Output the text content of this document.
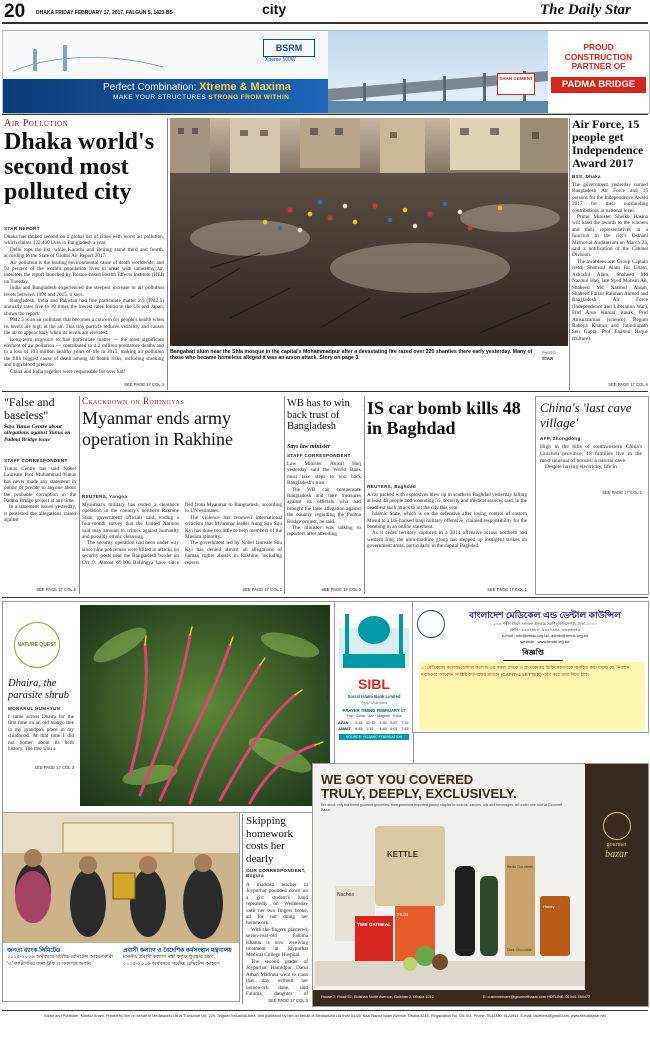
20 DHAKA FRIDAY FEBRUARY 17, 2017, FALGUN 5, 1423 BS	city	The Daily Star
BSRM
Xtreme 500W
Perfect Combination: Xtreme & Maxima
MAKE YOUR STRUCTURES STRONG FROM WITHIN
SHAH CEMENT
PROUD
CONSTRUCTION
PARTNER OF
PADMA BRIDGE
Air Pollution
Dhaka world's second most polluted city
STAR REPORT

Dhaka has ranked second on a global list of cities with worst air pollution, which claims 122,400 lives in Bangladesh a year.

Delhi tops the list, while Karachi and Beijing stand third and fourth, according to the State of Global Air Report 2017.

Air pollution is the leading environmental cause of death worldwide, and 92 percent of the world's population lives in areas with unhealthy air, monitors the report launched by Boston-based Health Effects Institute (HEI) on Tuesday.

India and Bangladesh experienced the steepest increase in air pollution levels between 1990 and 2015, it says.

Bangladesh, India and Pakistan had fine particulate matter 2.5 (PM2.5) annually rates five to 10 times the lowest rates found in the US and Japan, shows the report.

PM2.5 is an air pollutant that becomes a concern for people's health when its levels are high in the air. This tiny particle reduces visibility and causes the air to appear hazy when its levels are elevated.

Long-term exposure to fine particulate matter — the most significant element of air pollution — contributed to 4.2 million premature deaths and to a loss of 103 million healthy years of life in 2015, making air pollution the fifth biggest cause of death among all health risks, including smoking and high blood pressure.

China and India together were responsible for over half

SEE PAGE 17 COL 4
Bangabari slum near the Shia mosque in the capital's Mohammadpur after a devastating fire razed over 220 shanties there early yesterday. Many of those who became homeless alleged it was an arson attack. Story on page 3.
PHOTO:
STAR
Air Force, 15 people get Independence Award 2017
BSS, Dhaka

The government yesterday named Bangladesh Air Force and 15 persons for the Independence Award 2017 for their outstanding contributions at national level.

Prime Minister Sheikh Hasina will hand the awards to the winners and their representatives at a function in the city's Osmani Memorial Auditorium on March 23, said a notification of the Cabinet Division.

The awardees are: Group Captain (retd) Shamsul Alam Bir Uttam, Ashraful Alam, Shaheed Md Nazmul Haq, late Syed Mohsin Ali, Shaheed Md Nazmul Ahsan, Shaheed Faizur Rahman Ahmed and Bangladesh Air Force (Independence and Liberation War), Prof Arun Kumar Basak, Prof Anisuzzaman (science), Begum Rabeya Khatun and Jatindranath Sen Gupta, Prof Enamul Haque (culture).

SEE PAGE 17 COL 6
"False and baseless"
Says Yunus Centre about allegations against Yunus on Padma Bridge issue
STAFF CORRESPONDENT

Yunus Centre has said Nobel Laureate Prof Muhammad Yunus has never made any statement in public or private to anyone about the probable corruption in the Padma Bridge project at any time.

In a statement issued yesterday, it protested the allegations raised against

SEE PAGE 17 COL 5
Crackdown on Rohingyas
Myanmar ends army operation in Rakhine
REUTERS, Yangon

Myanmar's military has ended a clearance operation in the country's northern Rakhine State, government officials said, ending a four-month survey that the United Nations said may amount to crimes against humanity and possibly ethnic cleansing.

The security operation had been under way since nine policemen were killed in attacks on security posts near the Bangladesh border on Oct 9. Almost 69,000 Rohingya have since fled from Myanmar to Bangladesh, according to UN estimates.

The violence has renewed international criticism that Myanmar leader Aung San Suu Kyi has done too little to help members of the Muslim minority.

The government led by Nobel laureate Suu Kyi has denied almost all allegations of human rights abuses in Rakhine, including reports

SEE PAGE 17 COL 1
WB has to win back trust of Bangladesh
Says law minister
STAFF CORRESPONDENT

Law Minister Anisul Huq yesterday said the World Bank must take steps to win back Bangladesh's trust.

The WB can compensate Bangladesh and take measures against its officials who had brought the false allegation against the country regarding the Padma Bridge project, he said.

The minister was talking to reporters after attending

SEE PAGE 17 COL 3
IS car bomb kills 48 in Baghdad
REUTERS, Baghdad

A car packed with explosives blew up in southern Baghdad yesterday killing at least 48 people and wounding 55, security and medical sources said, in the deadliest such attack to hit the city this year.

Islamic State, which is on the defensive after losing control of eastern Mosul to a US-backed Iraqi military offensive, claimed responsibility for the bombing in an online statement.

As it cedes territory captured in a 2014 offensive across northern and western Iraq, the ultra-hardline group has stepped up insurgent strikes on government areas, particularly in the capital Baghdad.

SEE PAGE 17 COL 1
China's 'last cave village'
AFP, Zhongdong

High in the hills of southwestern China's Guizhou province, 18 families live in the most unusual of houses: a natural cave.

Despite having electricity, life in

SEE PAGE 17 COL 1
NATURE QUEST
Dhaira, the parasite shrub
MONARUL HUMAYUN

I came across Dhaira for the first time on an old mango tree in my grandpa's place in my childhood. At that time I did not bother about its herb history. The tree won a

SEE PAGE 17 COL 3
PHOTO: MONARUL HUMAYUN	SIBL
Social Islami Bank Limited
Trust Unlimited
PRAYER TIMING FEBRUARY 17
Fajr · Zohar · Asr · Maghrib · Esha
AZAN	5:15	12:35	4:30	5:57	7:15
JAMAT	5:45	1:15	4:45	6:01	7:45
SOURCE: ISLAMIC FOUNDATION
বাংলাদেশ মেডিকেল এন্ড ডেন্টাল কাউন্সিল
২০৩, শহীদ সৈয়দ নজরুল ইসলাম সরণি (বিজয়নগর), ঢাকা-১০০০
ফোন : ৯৩৩৭৮৮৮, ৯৩৩৭৩৫৯, ৯৩৩৬৩৫৯
e-mail : info@bmdc.org.bd, admin@bmdc.org.bd
website : www.bmdc.org.bd
বিজ্ঞপ্তি
১। মেডিক্যাল কলেজ/ডেন্টাল কলেজ এর সকল স্নাতক ও স্নাতকোত্তর চিকিৎসকগণকে অবহিত করা যাচ্ছে যে, নিবন্ধন নবায়নের আবেদন সংশ্লিষ্ট কর্তৃপক্ষের মাধ্যমে (CAPITAL LETTER) পূরণ করে জমা দিতে হবে।
জনতা ব্যাংক লিমিটেড
২০১৫-২০১৬ অর্থবছরে সর্বোচ্চ রেমিটেন্স আহরণকারী 'এ' ক্যাটাগরির জন্য ট্রফি ও সনদপত্র অর্জন
প্রবাসী কল্যাণ ও বৈদেশিক কর্মসংস্থান মন্ত্রণালয়
মাননীয় প্রবাসী কল্যাণ মন্ত্রী কর্তৃক পুরস্কার গ্রহণ, ২০১৫-২০১৬ অর্থবছরে সর্বোচ্চ রেমিটেন্স আহরণ
Skipping homework costs her dearly
OUR CORRESPONDENT, Bogura

A madrasa teacher in Joypurhat pounded down on a girl student's hand repeatedly on Wednesday until her two fingers broke, all for not doing her homework.

With the fingers plastered, seven-year-old Fahima Khatun is now receiving treatment at Joypurhat Medical College Hospital.

The second grader of Joypurhat Hamidpur Darul Aman Madrasa went to class that day without her homework done, said Fahima, daughter of

SEE PAGE 17 COL 3
WE GOT YOU COVERED
TRULY, DEEPLY, EXCLUSIVELY.
We stock only the finest gourmet groceries, from premium imported pantry staples to snacks, sauces, oils and beverages, all under one roof at Gourmet Bazar.
gourmet
bazar
KETTLE
Nachos
TIME OATMEAL
Fruits
Bella Gourmet
Avocado Oil	Dark Chocolate
Honey
House 7, Road 52, Gulshan North Avenue, Gulshan 2, Dhaka 1212	E: customercare@gourmetbazar.com HOTLINE: 01944-784477
Editor and Publisher: Mahfuz Anam. Printed by him on behalf of Mediaworld Ltd at Transcraft Ltd, 229, Tejgaon Industrial Area, and published by him on behalf of Mediaworld Ltd from 64-65, Kazi Nazrul Islam Avenue, Dhaka-1215. Registration No. DA 781. Phone: 9144330, 8124944. E-mail: dsletters@gmail.com. www.thedailystar.net
